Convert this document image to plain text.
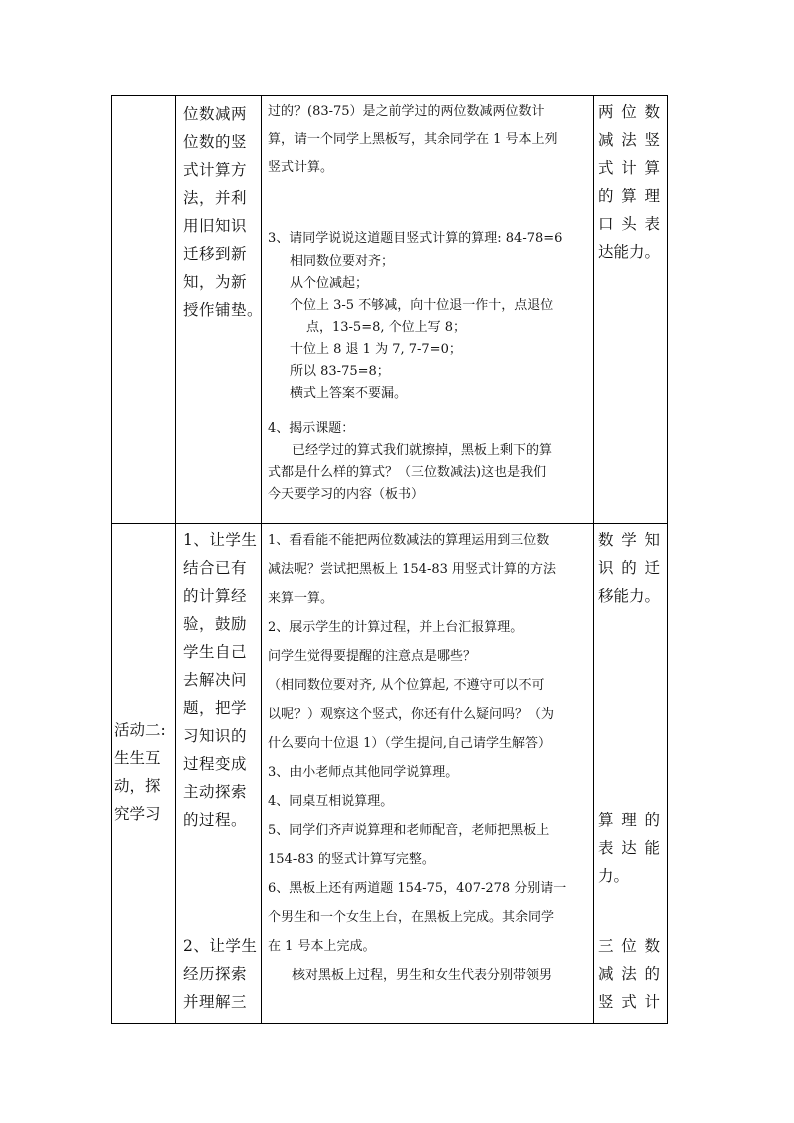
位数减两
位数的竖
式计算方
法，并利
用旧知识
迁移到新
知，为新
授作铺垫。
过的？(83-75）是之前学过的两位数减两位数计
算，请一个同学上黑板写，其余同学在 1 号本上列
竖式计算。
3、请同学说说这道题目竖式计算的算理: 84-78=6
相同数位要对齐；
从个位减起；
个位上 3-5 不够减，向十位退一作十，点退位
点，13-5=8, 个位上写 8；
十位上 8 退 1 为 7, 7-7=0；
所以 83-75=8；
横式上答案不要漏。
4、揭示课题：
已经学过的算式我们就擦掉，黑板上剩下的算
式都是什么样的算式？（三位数减法)这也是我们
今天要学习的内容（板书）
两 位 数
减 法 竖
式 计 算
的 算 理
口 头 表
达能力。
活动二:
生生互
动，探
究学习
1、让学生
结合已有
的计算经
验，鼓励
学生自己
去解决问
题，把学
习知识的
过程变成
主动探索
的过程。
2、让学生
经历探索
并理解三
1、看看能不能把两位数减法的算理运用到三位数
减法呢？尝试把黑板上 154-83 用竖式计算的方法
来算一算。
2、展示学生的计算过程，并上台汇报算理。
问学生觉得要提醒的注意点是哪些？
（相同数位要对齐, 从个位算起, 不遵守可以不可
以呢？）观察这个竖式，你还有什么疑问吗？（为
什么要向十位退 1）（学生提问,自己请学生解答）
3、由小老师点其他同学说算理。
4、同桌互相说算理。
5、同学们齐声说算理和老师配音，老师把黑板上
154-83 的竖式计算写完整。
6、黑板上还有两道题 154-75，407-278 分别请一
个男生和一个女生上台，在黑板上完成。其余同学
在 1 号本上完成。
核对黑板上过程，男生和女生代表分别带领男
数 学 知
识 的 迁
移能力。
算 理 的
表 达 能
力。
三 位 数
减 法 的
竖 式 计
